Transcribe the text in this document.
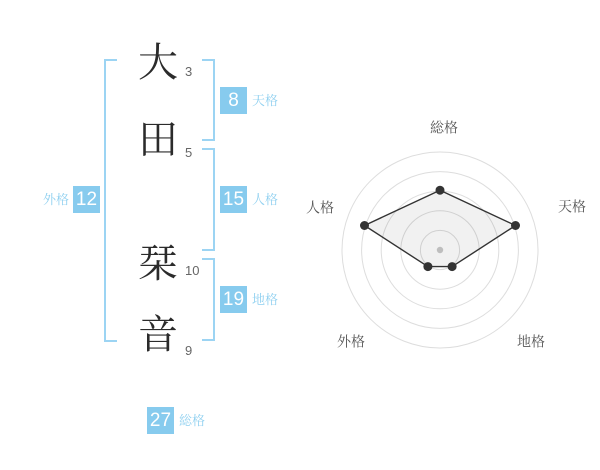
大
田
栞
音
3
5
10
9
8	天格
15 人格
19 地格
12
外格
27 総格
総格
天格
地格
外格
人格
